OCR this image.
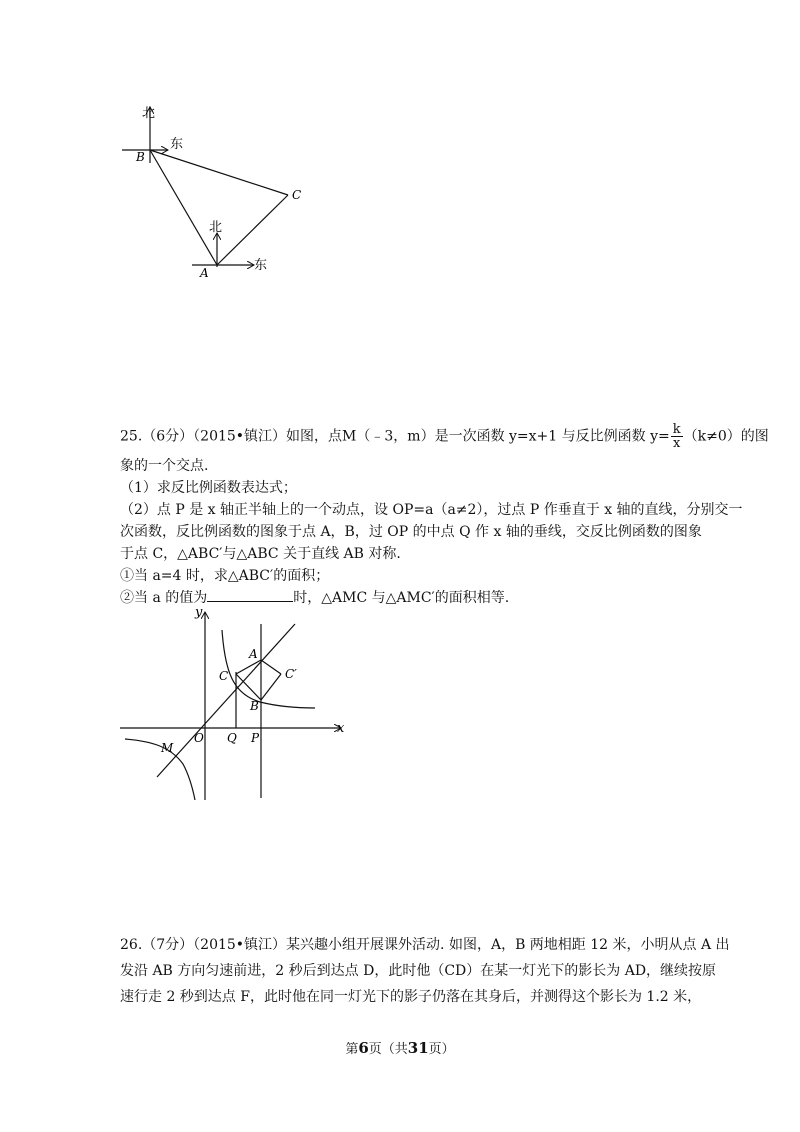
北
东
B
C
北
A	东
25.（6分）（2015•镇江）如图，点M（﹣3，m）是一次函数 y=x+1 与反比例函数 $y= \frac{k}{x} (k\ne 0)$的图
象的一个交点.
（1）求反比例函数表达式；
（2）点 P 是 x 轴正半轴上的一个动点，设 OP=a（a≠2），过点 P 作垂直于 x 轴的直线，分别交一
次函数，反比例函数的图象于点 A，B，过 OP 的中点 Q 作 x 轴的垂线，交反比例函数的图象
于点 C，△ABC′与△ABC 关于直线 AB 对称.
①当 a=4 时，求△ABC′的面积；
②当 a 的值为	时，△AMC 与△AMC′的面积相等.
y
x
A
C	C′
B
O Q P
M
26.（7分）（2015•镇江）某兴趣小组开展课外活动. 如图，A，B 两地相距 12 米，小明从点 A 出
发沿 AB 方向匀速前进，2 秒后到达点 D，此时他（CD）在某一灯光下的影长为 AD，继续按原
速行走 2 秒到达点 F，此时他在同一灯光下的影子仍落在其身后，并测得这个影长为 1.2 米，
第6页（共31页）
